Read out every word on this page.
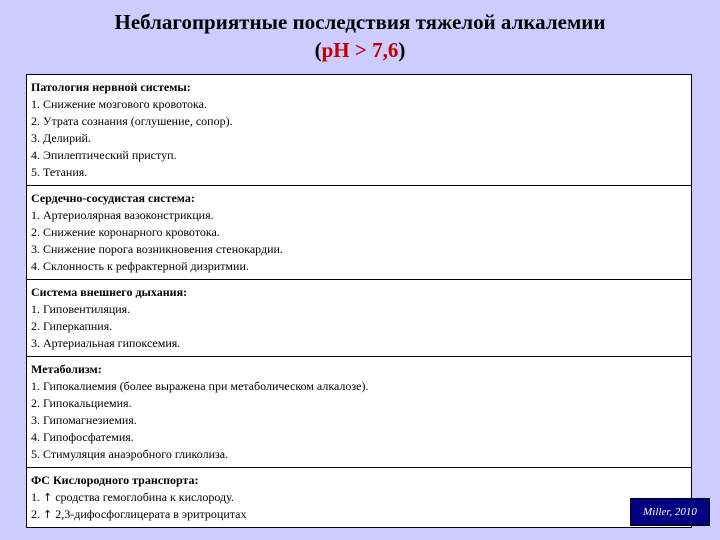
Неблагоприятные последствия тяжелой алкалемии
(pH > 7,6)
Патология нервной системы:
1. Снижение мозгового кровотока.
2. Утрата сознания (оглушение, сопор).
3. Делирий.
4. Эпилептический приступ.
5. Тетания.
Сердечно-сосудистая система:
1. Артериолярная вазоконстрикция.
2. Снижение коронарного кровотока.
3. Снижение порога возникновения стенокардии.
4. Склонность к рефрактерной дизритмии.
Система внешнего дыхания:
1. Гиповентиляция.
2. Гиперкапния.
3. Артериальная гипоксемия.
Метаболизм:
1. Гипокалиемия (более выражена при метаболическом алкалозе).
2. Гипокальциемия.
3. Гипомагнезиемия.
4. Гипофосфатемия.
5. Стимуляция анаэробного гликолиза.
ФС Кислородного транспорта:
1. ↑ сродства гемоглобина к кислороду.
2. ↑ 2,3-дифосфоглицерата в эритроцитах	Miller, 2010
